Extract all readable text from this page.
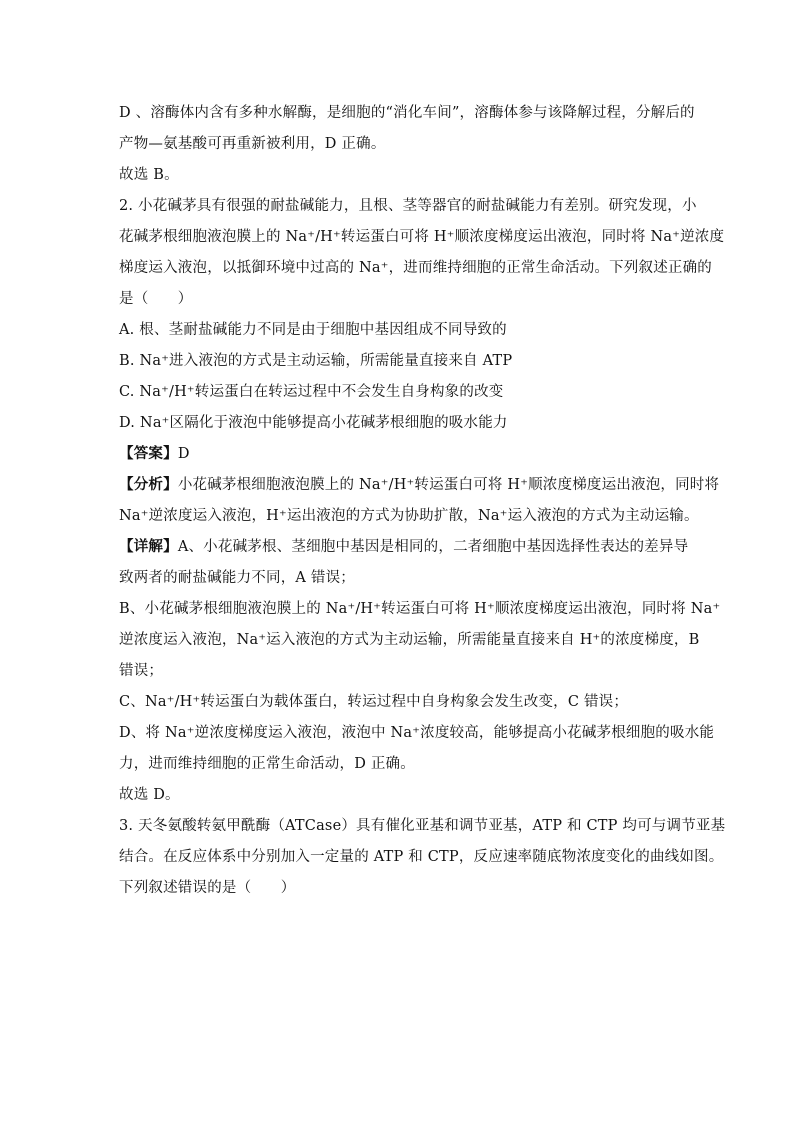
D 、溶酶体内含有多种水解酶，是细胞的“消化车间”，溶酶体参与该降解过程，分解后的
产物—氨基酸可再重新被利用，D 正确。
故选 B。
2. 小花碱茅具有很强的耐盐碱能力，且根、茎等器官的耐盐碱能力有差别。研究发现，小
花碱茅根细胞液泡膜上的 Na⁺/H⁺转运蛋白可将 H⁺顺浓度梯度运出液泡，同时将 Na⁺逆浓度
梯度运入液泡，以抵御环境中过高的 Na⁺，进而维持细胞的正常生命活动。下列叙述正确的
是（　　）
A. 根、茎耐盐碱能力不同是由于细胞中基因组成不同导致的
B. Na⁺进入液泡的方式是主动运输，所需能量直接来自 ATP
C. Na⁺/H⁺转运蛋白在转运过程中不会发生自身构象的改变
D. Na⁺区隔化于液泡中能够提高小花碱茅根细胞的吸水能力
【答案】D
【分析】小花碱茅根细胞液泡膜上的 Na⁺/H⁺转运蛋白可将 H⁺顺浓度梯度运出液泡，同时将
Na⁺逆浓度运入液泡，H⁺运出液泡的方式为协助扩散，Na⁺运入液泡的方式为主动运输。
【详解】A、小花碱茅根、茎细胞中基因是相同的，二者细胞中基因选择性表达的差异导
致两者的耐盐碱能力不同，A 错误；
B、小花碱茅根细胞液泡膜上的 Na⁺/H⁺转运蛋白可将 H⁺顺浓度梯度运出液泡，同时将 Na⁺
逆浓度运入液泡，Na⁺运入液泡的方式为主动运输，所需能量直接来自 H⁺的浓度梯度，B
错误；
C、Na⁺/H⁺转运蛋白为载体蛋白，转运过程中自身构象会发生改变，C 错误；
D、将 Na⁺逆浓度梯度运入液泡，液泡中 Na⁺浓度较高，能够提高小花碱茅根细胞的吸水能
力，进而维持细胞的正常生命活动，D 正确。
故选 D。
3. 天冬氨酸转氨甲酰酶（ATCase）具有催化亚基和调节亚基，ATP 和 CTP 均可与调节亚基
结合。在反应体系中分别加入一定量的 ATP 和 CTP，反应速率随底物浓度变化的曲线如图。
下列叙述错误的是（　　）
